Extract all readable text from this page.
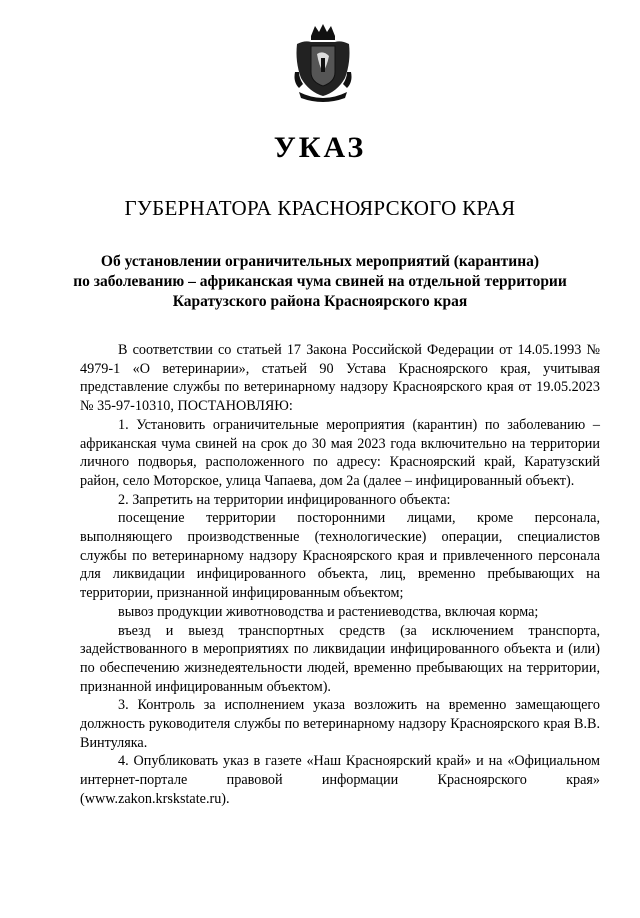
УКАЗ
ГУБЕРНАТОРА КРАСНОЯРСКОГО КРАЯ
Об установлении ограничительных мероприятий (карантина)
по заболеванию – африканская чума свиней на отдельной территории
Каратузского района Красноярского края

В соответствии со статьей 17 Закона Российской Федерации от 14.05.1993 № 4979-1 «О ветеринарии», статьей 90 Устава Красноярского края, учитывая представление службы по ветеринарному надзору Красноярского края от 19.05.2023 № 35-97-10310, ПОСТАНОВЛЯЮ:

1. Установить ограничительные мероприятия (карантин) по заболеванию – африканская чума свиней на срок до 30 мая 2023 года включительно на территории личного подворья, расположенного по адресу: Красноярский край, Каратузский район, село Моторское, улица Чапаева, дом 2а (далее – инфицированный объект).

2. Запретить на территории инфицированного объекта:

посещение территории посторонними лицами, кроме персонала, выполняющего производственные (технологические) операции, специалистов службы по ветеринарному надзору Красноярского края и привлеченного персонала для ликвидации инфицированного объекта, лиц, временно пребывающих на территории, признанной инфицированным объектом;

вывоз продукции животноводства и растениеводства, включая корма;

въезд и выезд транспортных средств (за исключением транспорта, задействованного в мероприятиях по ликвидации инфицированного объекта и (или) по обеспечению жизнедеятельности людей, временно пребывающих на территории, признанной инфицированным объектом).

3. Контроль за исполнением указа возложить на временно замещающего должность руководителя службы по ветеринарному надзору Красноярского края В.В. Винтуляка.

4. Опубликовать указ в газете «Наш Красноярский край» и на «Официальном интернет-портале правовой информации Красноярского края» (www.zakon.krskstate.ru).
